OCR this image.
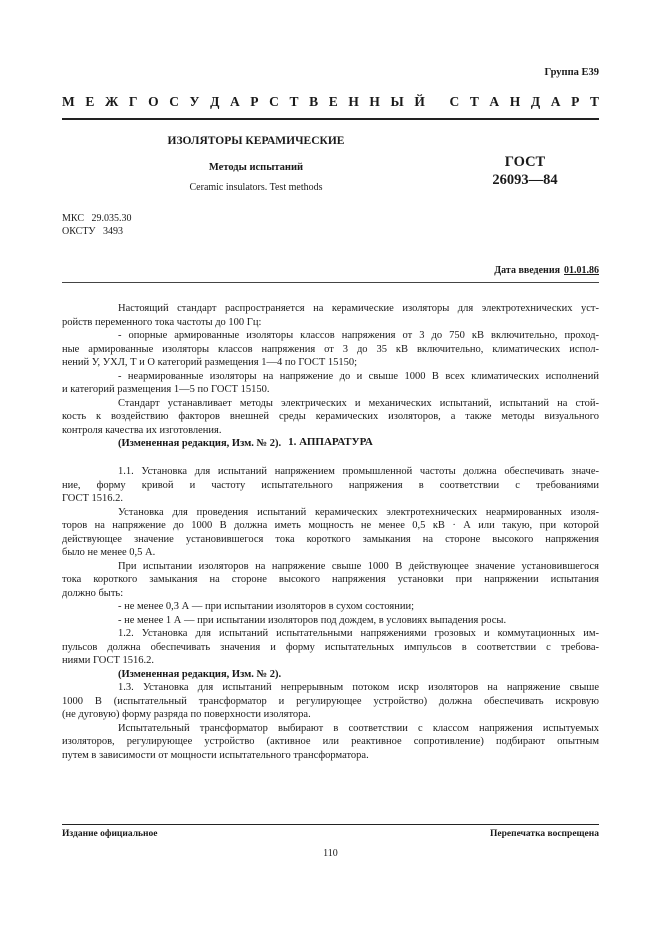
Группа Е39
М Е Ж Г О С У Д А Р С Т В Е Н Н Ы Й
С Т А Н Д А Р Т
ИЗОЛЯТОРЫ КЕРАМИЧЕСКИЕ
Методы испытаний
Ceramic insulators. Test methods
ГОСТ
26093—84
МКС   29.035.30
ОКСТУ   3493
Дата введения 01.01.86
Настоящий стандарт распространяется на керамические изоляторы для электротехнических уст-
ройств переменного тока частоты до 100 Гц:
- опорные армированные изоляторы классов напряжения от 3 до 750 кВ включительно, проход-
ные армированные изоляторы классов напряжения от 3 до 35 кВ включительно, климатических испол-
нений У, УХЛ, Т и О категорий размещения 1—4 по ГОСТ 15150;
- неармированные изоляторы на напряжение до и свыше 1000 В всех климатических исполнений
и категорий размещения 1—5 по ГОСТ 15150.
Стандарт устанавливает методы электрических и механических испытаний, испытаний на стой-
кость к воздействию факторов внешней среды керамических изоляторов, а также методы визуального
контроля качества их изготовления.
(Измененная редакция, Изм. № 2). 1. АППАРАТУРА
1.1. Установка для испытаний напряжением промышленной частоты должна обеспечивать значе-
ние, форму кривой и частоту испытательного напряжения в соответствии с требованиями
ГОСТ 1516.2.
Установка для проведения испытаний керамических электротехнических неармированных изоля-
торов на напряжение до 1000 В должна иметь мощность не менее 0,5 кВ · А или такую, при которой
действующее значение установившегося тока короткого замыкания на стороне высокого напряжения
было не менее 0,5 А.
При испытании изоляторов на напряжение свыше 1000 В действующее значение установившегося
тока короткого замыкания на стороне высокого напряжения установки при напряжении испытания
должно быть:
- не менее 0,3 А — при испытании изоляторов в сухом состоянии;
- не менее 1 А — при испытании изоляторов под дождем, в условиях выпадения росы.
1.2. Установка для испытаний испытательными напряжениями грозовых и коммутационных им-
пульсов должна обеспечивать значения и форму испытательных импульсов в соответствии с требова-
ниями ГОСТ 1516.2.
(Измененная редакция, Изм. № 2).
1.3. Установка для испытаний непрерывным потоком искр изоляторов на напряжение свыше
1000 В (испытательный трансформатор и регулирующее устройство) должна обеспечивать искровую
(не дуговую) форму разряда по поверхности изолятора.
Испытательный трансформатор выбирают в соответствии с классом напряжения испытуемых
изоляторов, регулирующее устройство (активное или реактивное сопротивление) подбирают опытным
путем в зависимости от мощности испытательного трансформатора.
Издание официальное	Перепечатка воспрещена
110
